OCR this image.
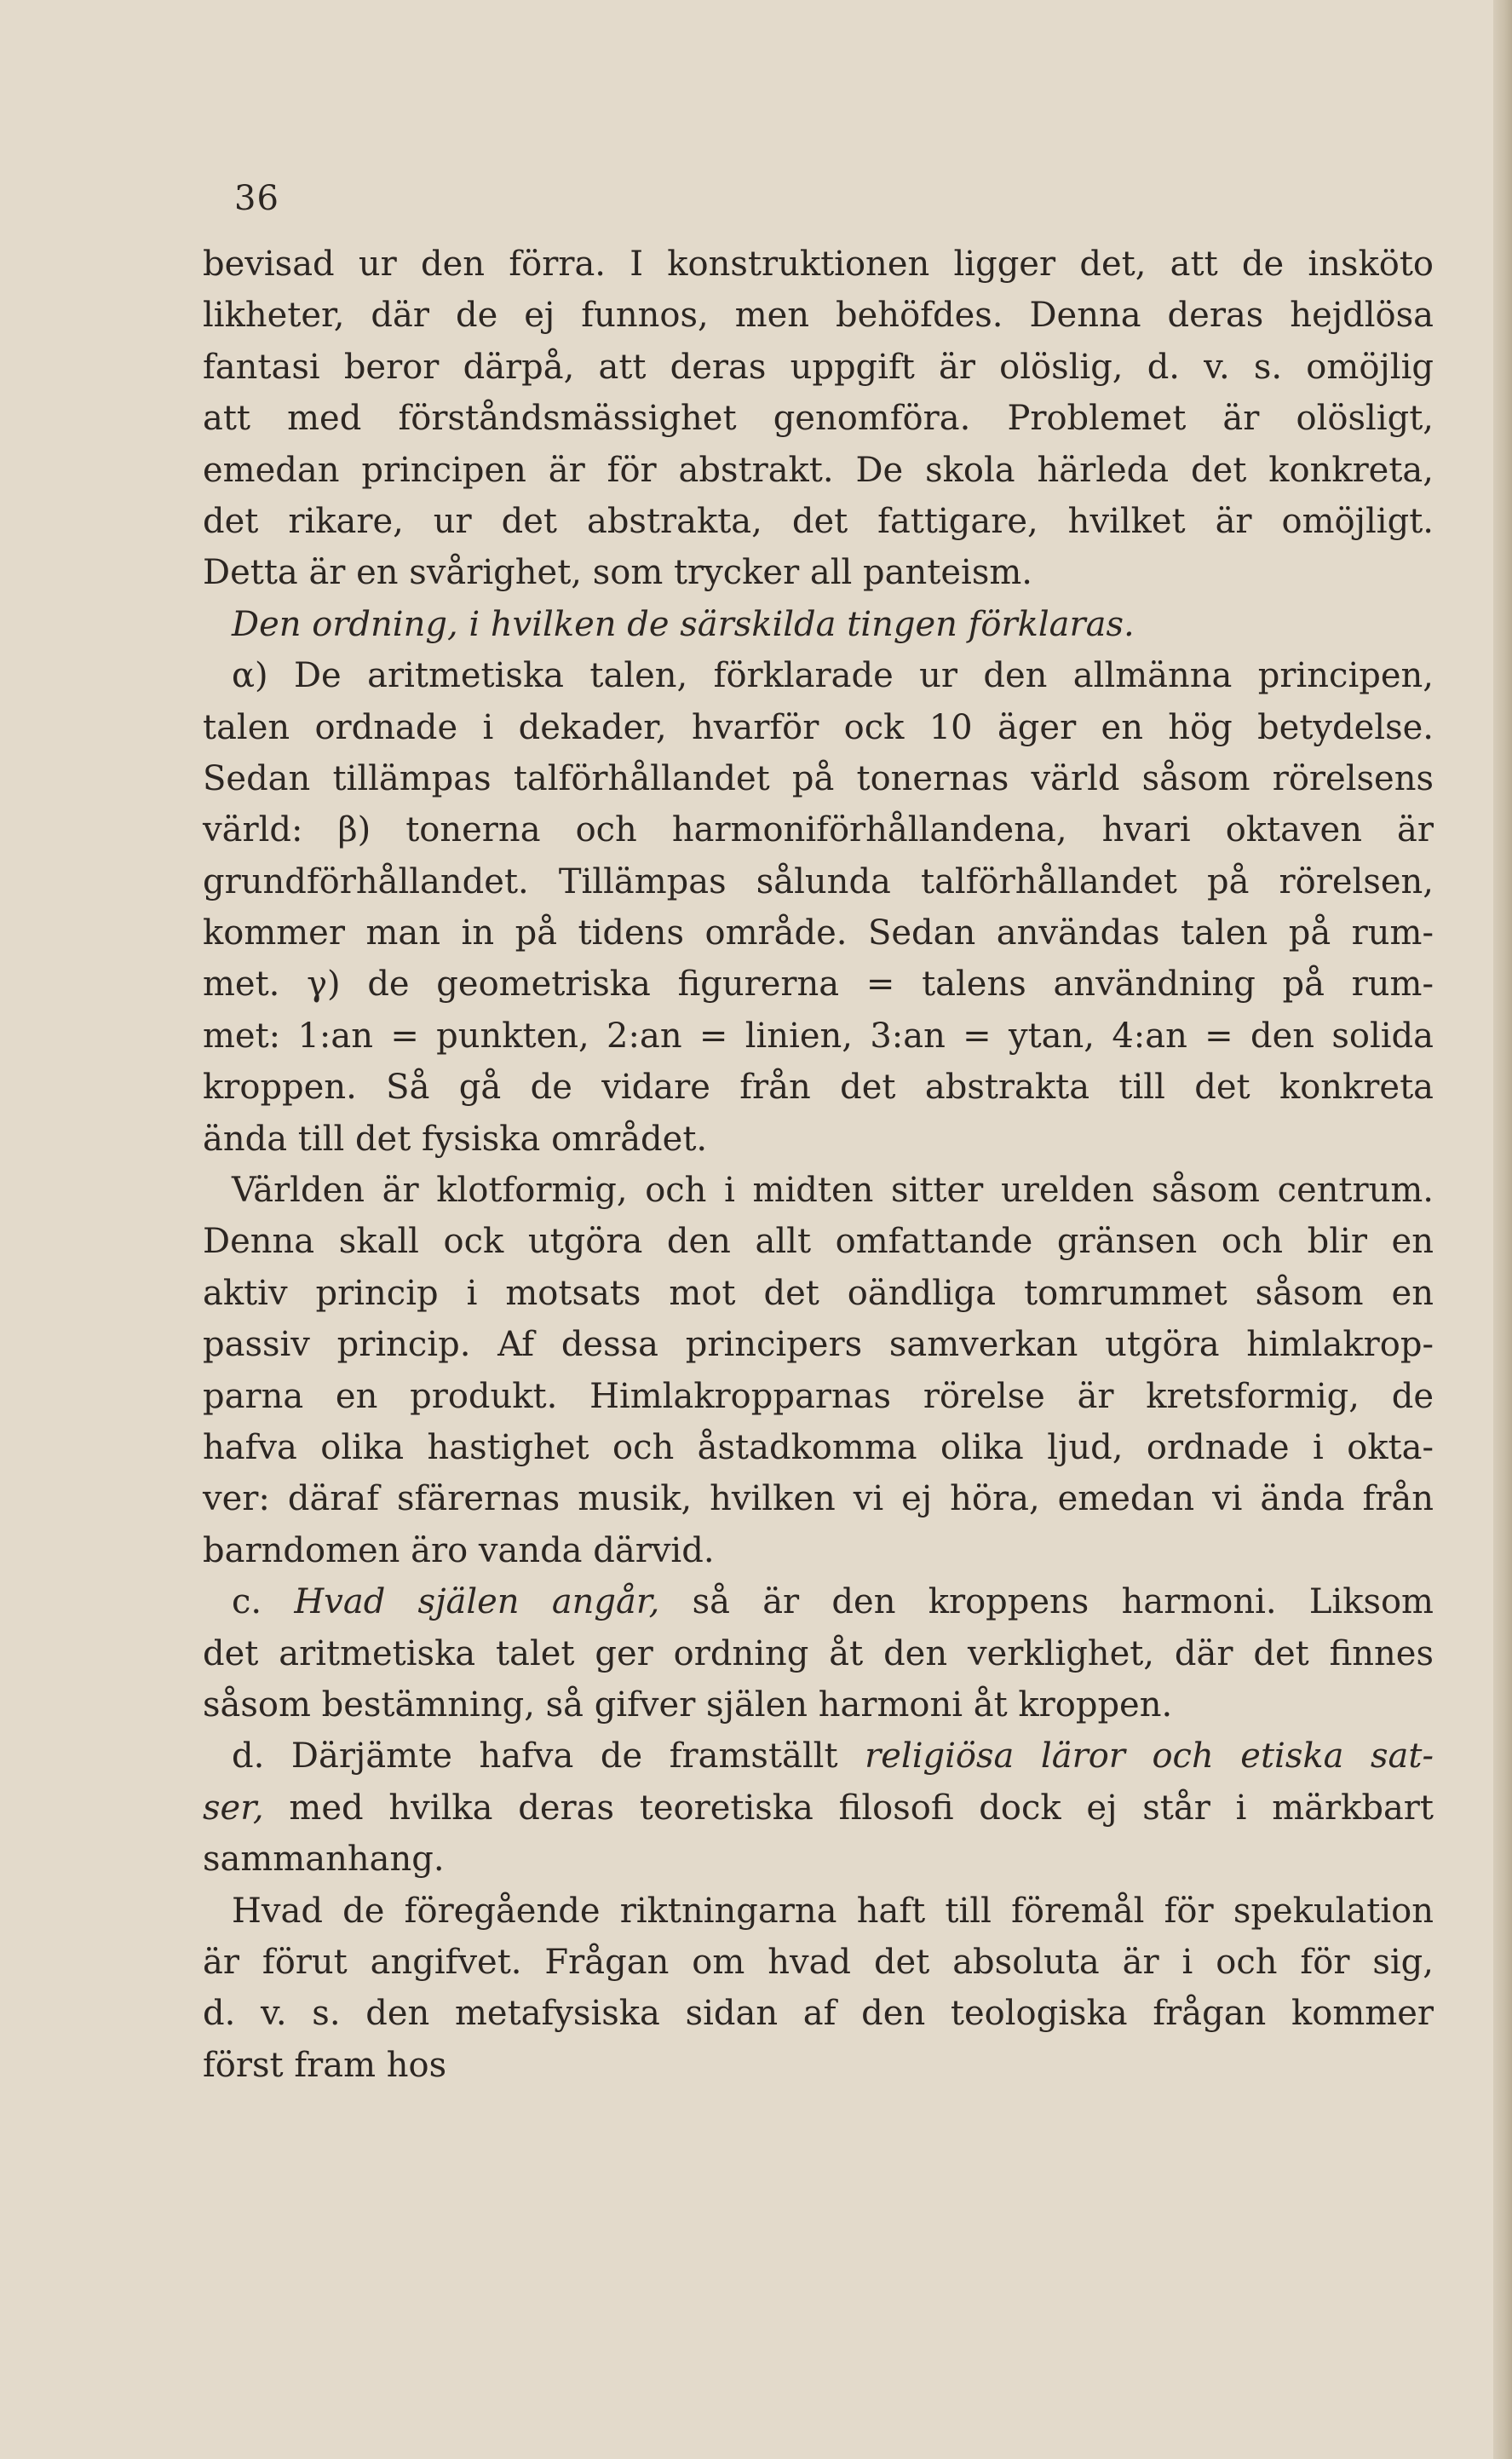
36
bevisad ur den förra. I konstruktionen ligger det, att de insköto
likheter, där de ej funnos, men behöfdes. Denna deras hejdlösa
fantasi beror därpå, att deras uppgift är olöslig, d. v. s. omöjlig
att med förståndsmässighet genomföra. Problemet är olösligt,
emedan principen är för abstrakt. De skola härleda det konkreta,
det rikare, ur det abstrakta, det fattigare, hvilket är omöjligt.
Detta är en svårighet, som trycker all panteism.
Den ordning, i hvilken de särskilda tingen förklaras.
α) De aritmetiska talen, förklarade ur den allmänna principen,
talen ordnade i dekader, hvarför ock 10 äger en hög betydelse.
Sedan tillämpas talförhållandet på tonernas värld såsom rörelsens
värld: β) tonerna och harmoniförhållandena, hvari oktaven är
grundförhållandet. Tillämpas sålunda talförhållandet på rörelsen,
kommer man in på tidens område. Sedan användas talen på rum-
met. γ) de geometriska figurerna = talens användning på rum-
met: 1:an = punkten, 2:an = linien, 3:an = ytan, 4:an = den solida
kroppen. Så gå de vidare från det abstrakta till det konkreta
ända till det fysiska området.
Världen är klotformig, och i midten sitter urelden såsom centrum.
Denna skall ock utgöra den allt omfattande gränsen och blir en
aktiv princip i motsats mot det oändliga tomrummet såsom en
passiv princip. Af dessa principers samverkan utgöra himlakrop-
parna en produkt. Himlakropparnas rörelse är kretsformig, de
hafva olika hastighet och åstadkomma olika ljud, ordnade i okta-
ver: däraf sfärernas musik, hvilken vi ej höra, emedan vi ända från
barndomen äro vanda därvid.
c. Hvad själen angår, så är den kroppens harmoni. Liksom
det aritmetiska talet ger ordning åt den verklighet, där det finnes
såsom bestämning, så gifver själen harmoni åt kroppen.
d. Därjämte hafva de framställt religiösa läror och etiska sat-
ser, med hvilka deras teoretiska filosofi dock ej står i märkbart
sammanhang.
Hvad de föregående riktningarna haft till föremål för spekulation
är förut angifvet. Frågan om hvad det absoluta är i och för sig,
d. v. s. den metafysiska sidan af den teologiska frågan kommer
först fram hos
